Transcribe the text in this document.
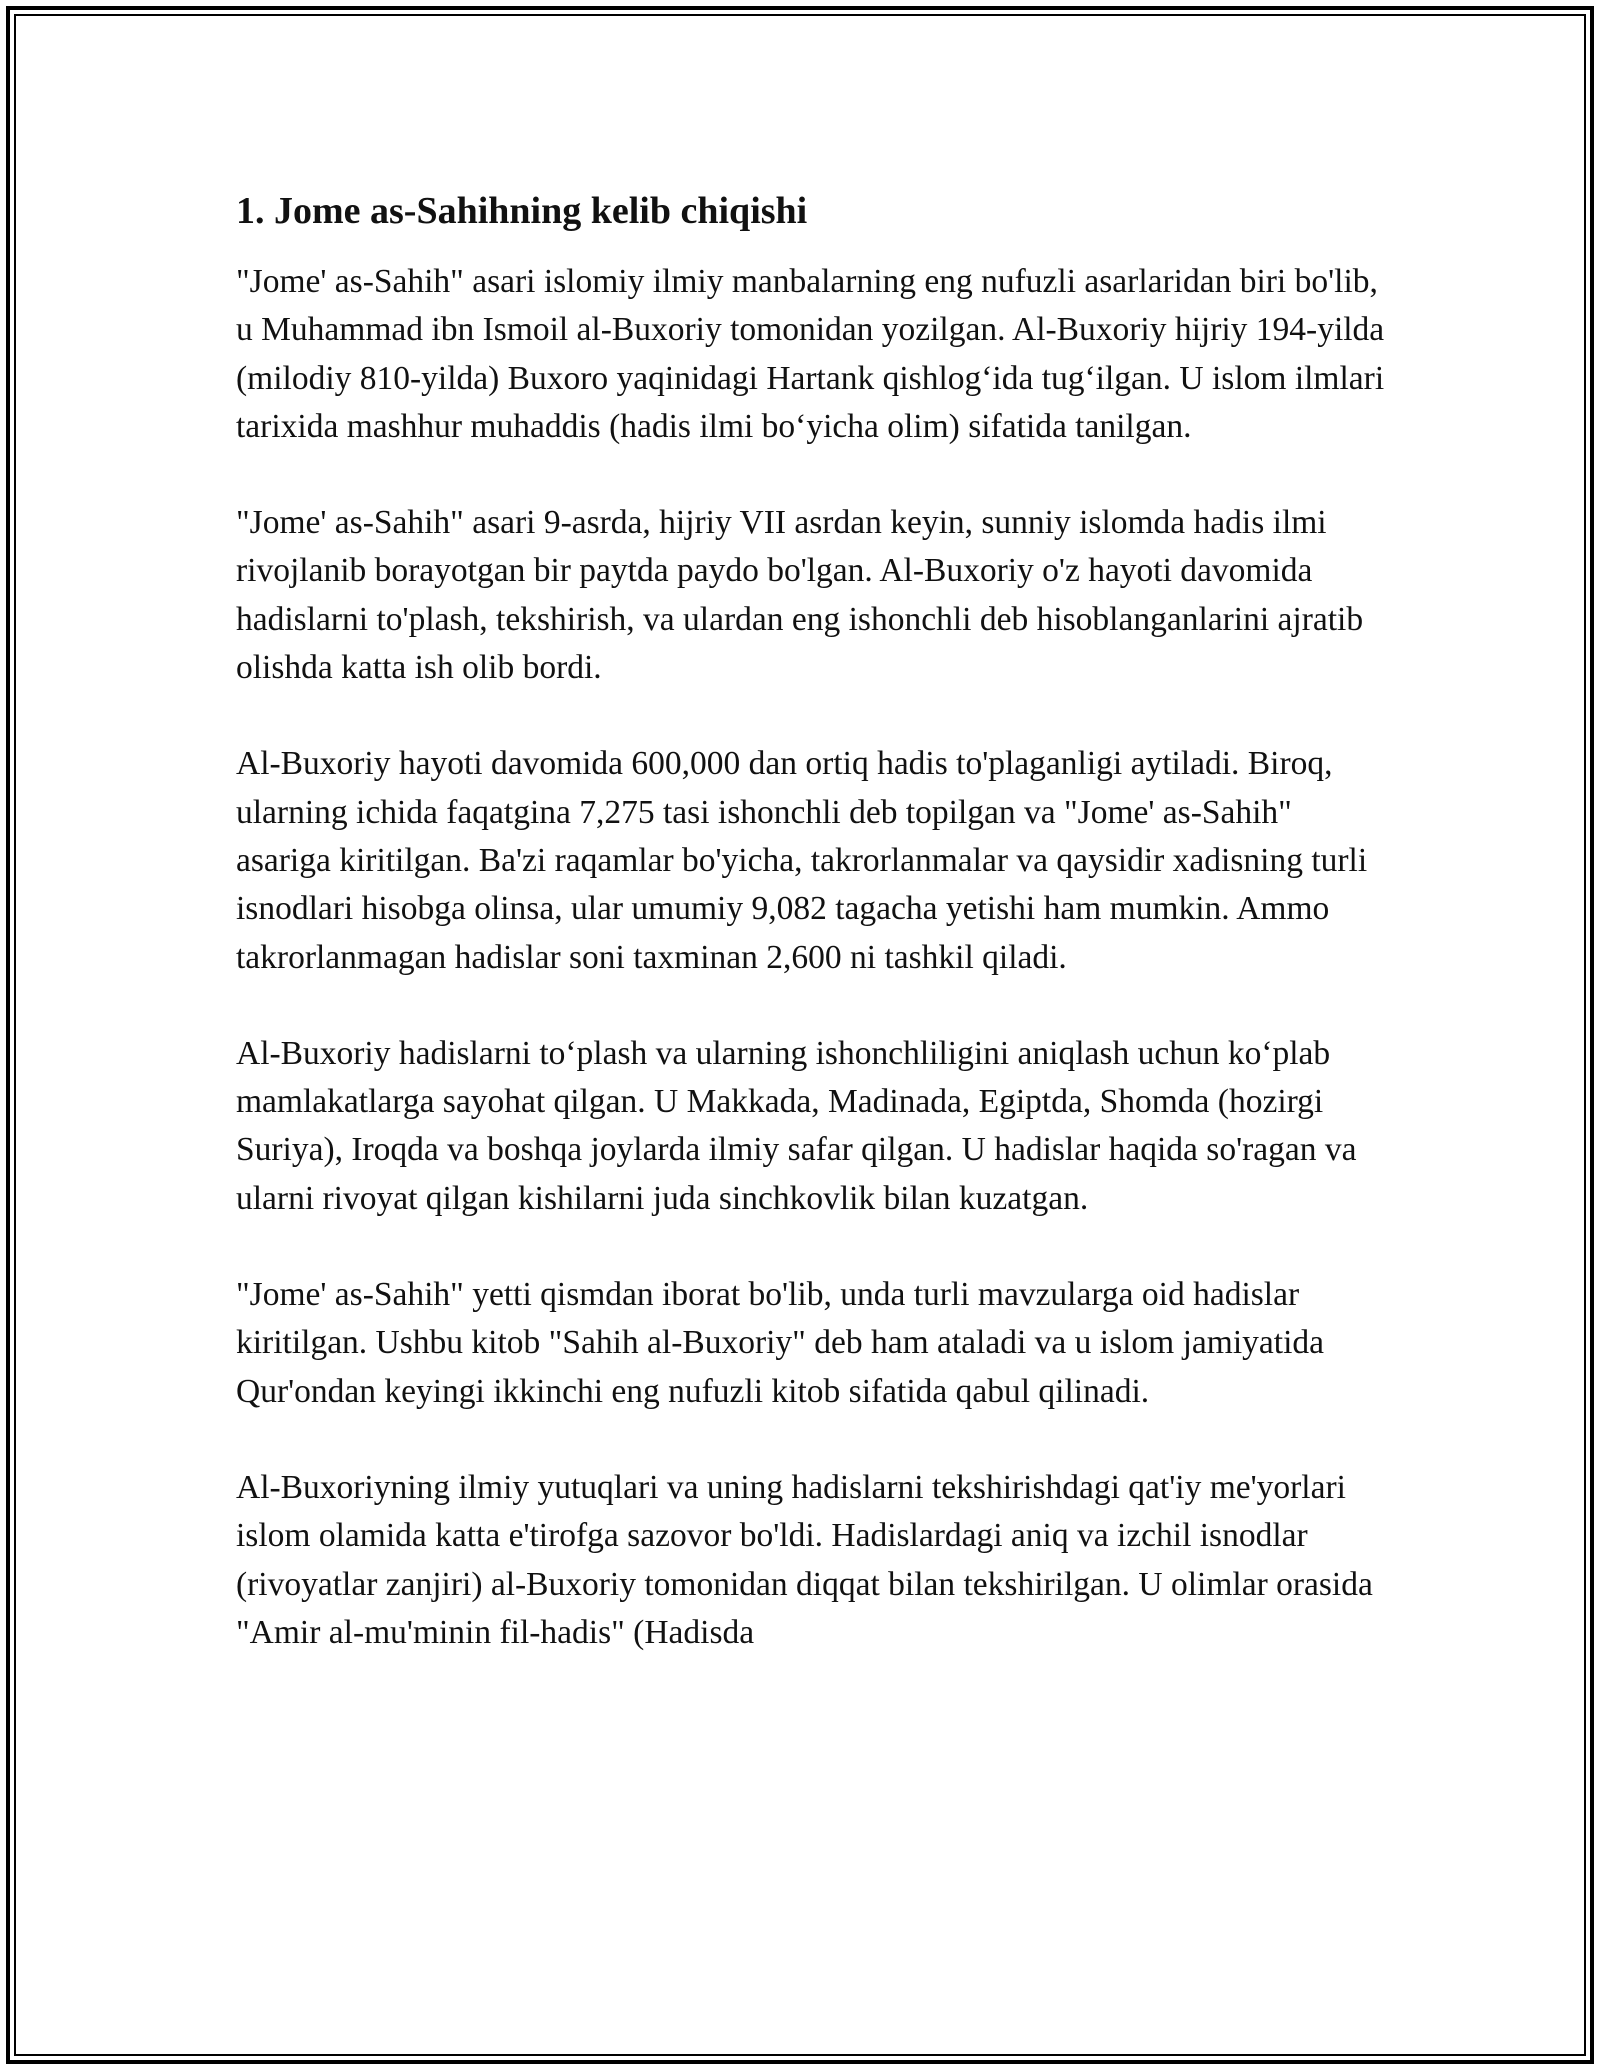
1. Jome as-Sahihning kelib chiqishi

"Jome' as-Sahih" asari islomiy ilmiy manbalarning eng nufuzli asarlaridan biri bo'lib, u Muhammad ibn Ismoil al-Buxoriy tomonidan yozilgan. Al-Buxoriy hijriy 194-yilda (milodiy 810-yilda) Buxoro yaqinidagi Hartank qishlog‘ida tug‘ilgan. U islom ilmlari tarixida mashhur muhaddis (hadis ilmi bo‘yicha olim) sifatida tanilgan.

"Jome' as-Sahih" asari 9-asrda, hijriy VII asrdan keyin, sunniy islomda hadis ilmi rivojlanib borayotgan bir paytda paydo bo'lgan. Al-Buxoriy o'z hayoti davomida hadislarni to'plash, tekshirish, va ulardan eng ishonchli deb hisoblanganlarini ajratib olishda katta ish olib bordi.

Al-Buxoriy hayoti davomida 600,000 dan ortiq hadis to'plaganligi aytiladi. Biroq, ularning ichida faqatgina 7,275 tasi ishonchli deb topilgan va "Jome' as-Sahih" asariga kiritilgan. Ba'zi raqamlar bo'yicha, takrorlanmalar va qaysidir xadisning turli isnodlari hisobga olinsa, ular umumiy 9,082 tagacha yetishi ham mumkin. Ammo takrorlanmagan hadislar soni taxminan 2,600 ni tashkil qiladi.

Al-Buxoriy hadislarni to‘plash va ularning ishonchliligini aniqlash uchun ko‘plab mamlakatlarga sayohat qilgan. U Makkada, Madinada, Egiptda, Shomda (hozirgi Suriya), Iroqda va boshqa joylarda ilmiy safar qilgan. U hadislar haqida so'ragan va ularni rivoyat qilgan kishilarni juda sinchkovlik bilan kuzatgan.

"Jome' as-Sahih" yetti qismdan iborat bo'lib, unda turli mavzularga oid hadislar kiritilgan. Ushbu kitob "Sahih al-Buxoriy" deb ham ataladi va u islom jamiyatida Qur'ondan keyingi ikkinchi eng nufuzli kitob sifatida qabul qilinadi.

Al-Buxoriyning ilmiy yutuqlari va uning hadislarni tekshirishdagi qat'iy me'yorlari islom olamida katta e'tirofga sazovor bo'ldi. Hadislardagi aniq va izchil isnodlar (rivoyatlar zanjiri) al-Buxoriy tomonidan diqqat bilan tekshirilgan. U olimlar orasida "Amir al-mu'minin fil-hadis" (Hadisda
